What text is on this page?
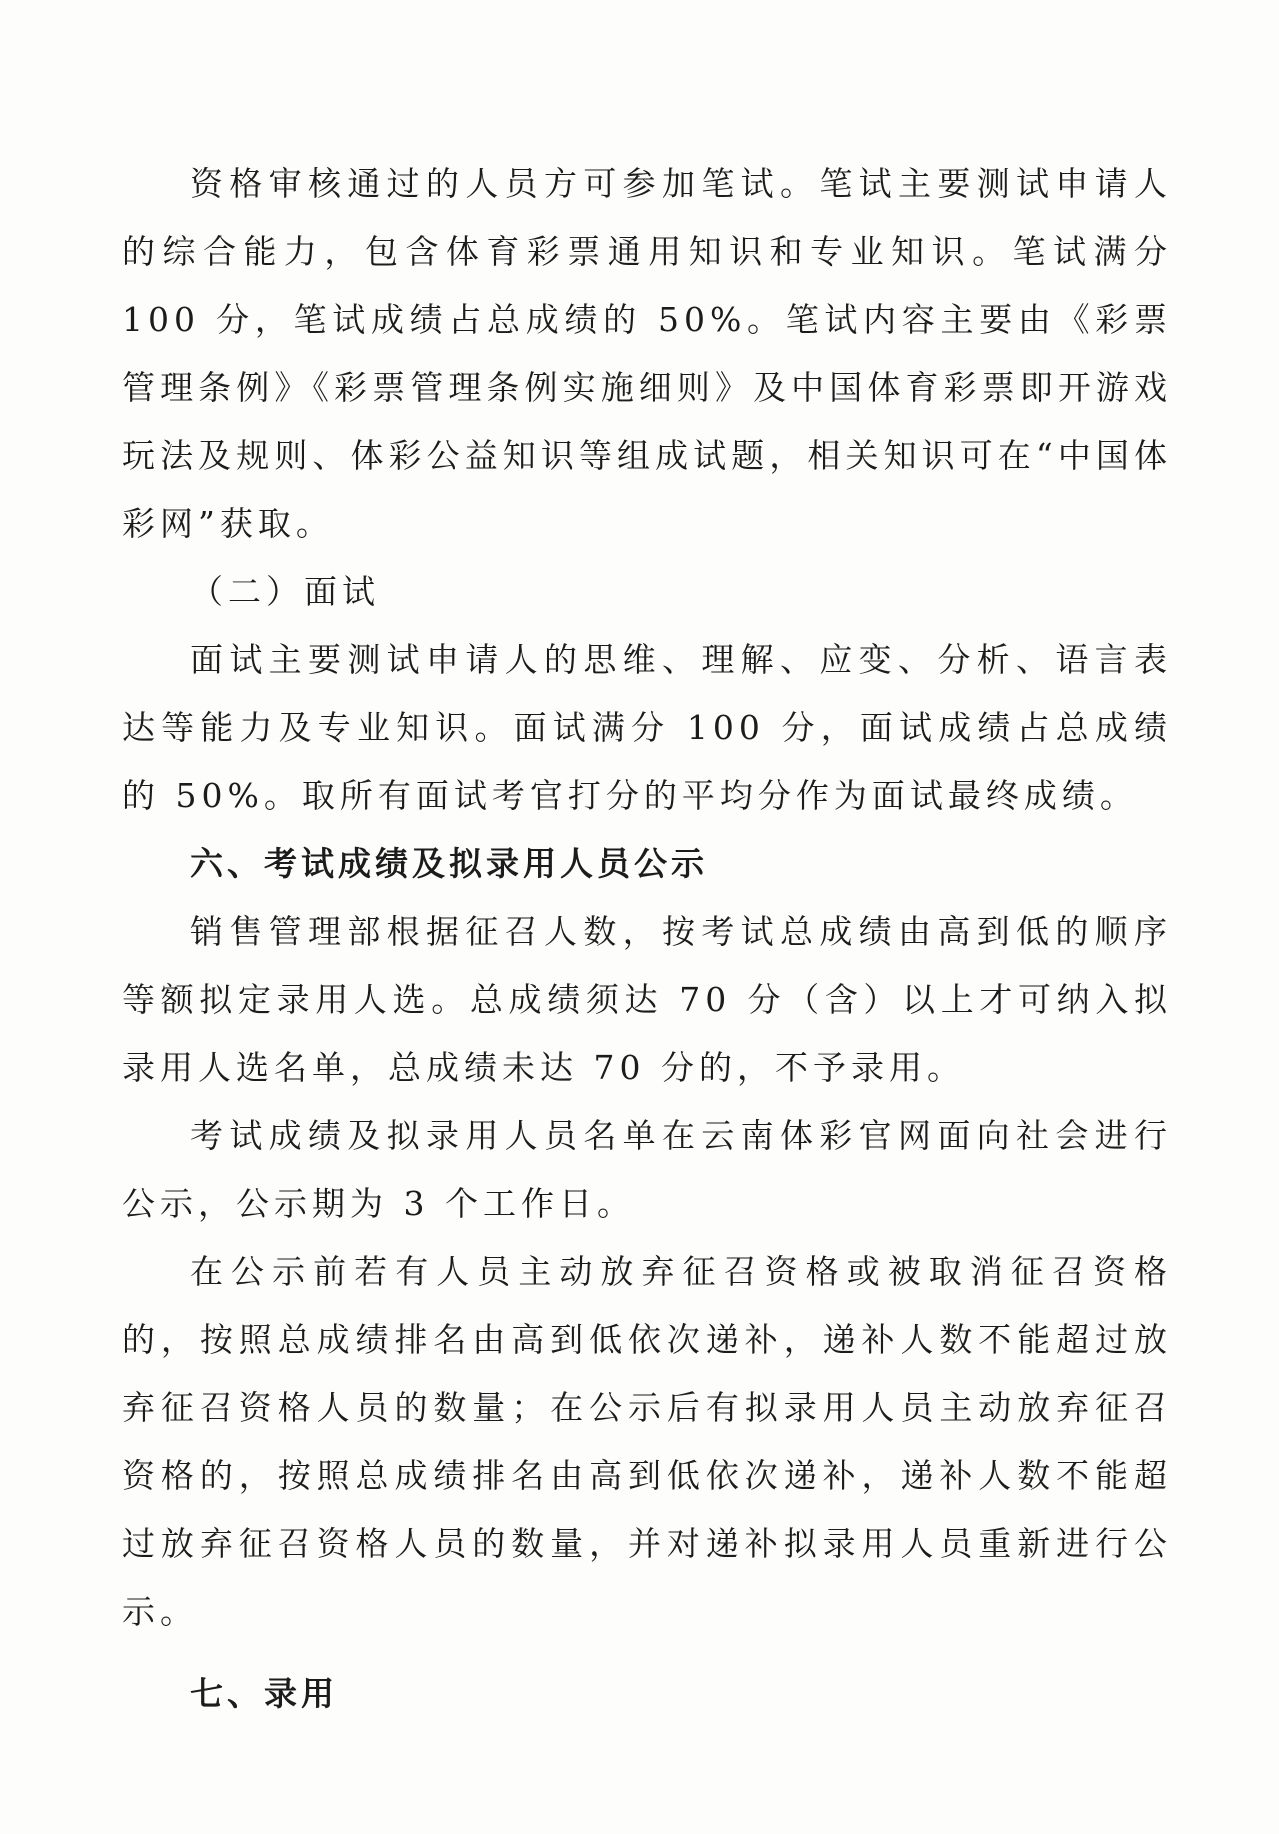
资格审核通过的人员方可参加笔试。笔试主要测试申请人的综合能力，包含体育彩票通用知识和专业知识。笔试满分 100 分，笔试成绩占总成绩的 50%。笔试内容主要由《彩票管理条例》《彩票管理条例实施细则》及中国体育彩票即开游戏玩法及规则、体彩公益知识等组成试题，相关知识可在“中国体彩网”获取。

（二）面试

面试主要测试申请人的思维、理解、应变、分析、语言表达等能力及专业知识。面试满分 100 分，面试成绩占总成绩的 50%。取所有面试考官打分的平均分作为面试最终成绩。

六、考试成绩及拟录用人员公示

销售管理部根据征召人数，按考试总成绩由高到低的顺序等额拟定录用人选。总成绩须达 70 分（含）以上才可纳入拟录用人选名单，总成绩未达 70 分的，不予录用。

考试成绩及拟录用人员名单在云南体彩官网面向社会进行公示，公示期为 3 个工作日。

在公示前若有人员主动放弃征召资格或被取消征召资格的，按照总成绩排名由高到低依次递补，递补人数不能超过放弃征召资格人员的数量；在公示后有拟录用人员主动放弃征召资格的，按照总成绩排名由高到低依次递补，递补人数不能超过放弃征召资格人员的数量，并对递补拟录用人员重新进行公示。

七、录用
